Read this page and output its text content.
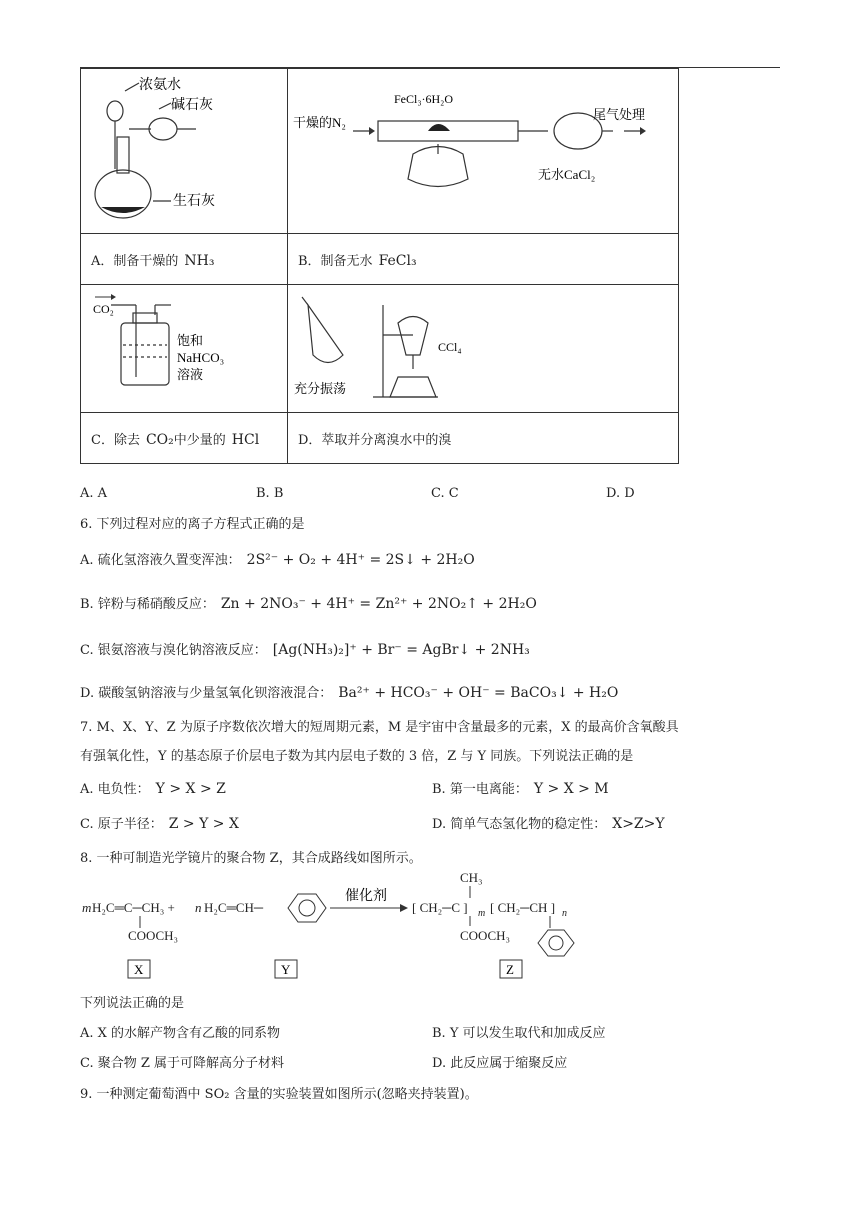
浓氨水
碱石灰
生石灰	干燥的N₂
FeCl₃·6H₂O
尾气处理
无水CaCl₂

A．制备干燥的 NH₃	B．制备无水 FeCl₃

CO₂
饱和
NaHCO₃
溶液	充分振荡
CCl₄

C．除去 CO₂中少量的 HCl	D．萃取并分离溴水中的溴
A. A	B. B	C. C	D. D
6. 下列过程对应的离子方程式正确的是
A. 硫化氢溶液久置变浑浊： 2S²⁻ + O₂ + 4H⁺ = 2S↓ + 2H₂O
B. 锌粉与稀硝酸反应： Zn + 2NO₃⁻ + 4H⁺ = Zn²⁺ + 2NO₂↑ + 2H₂O
C. 银氨溶液与溴化钠溶液反应： [Ag(NH₃)₂]⁺ + Br⁻ = AgBr↓ + 2NH₃
D. 碳酸氢钠溶液与少量氢氧化钡溶液混合： Ba²⁺ + HCO₃⁻ + OH⁻ = BaCO₃↓ + H₂O
7. M、X、Y、Z 为原子序数依次增大的短周期元素，M 是宇宙中含量最多的元素，X 的最高价含氧酸具
有强氧化性，Y 的基态原子价层电子数为其内层电子数的 3 倍，Z 与 Y 同族。下列说法正确的是
A. 电负性： Y > X > Z	B. 第一电离能： Y > X > M
C. 原子半径： Z > Y > X	D. 简单气态氢化物的稳定性： X>Z>Y
8. 一种可制造光学镜片的聚合物 Z，其合成路线如图所示。
m H₂C═C─CH₃ +
COOCH₃
n H₂C═CH─
催化剂
[ CH₂─C ] m
CH₃
COOCH₃
[ CH₂─CH ] n
X	Y	Z
下列说法正确的是
A. X 的水解产物含有乙酸的同系物	B. Y 可以发生取代和加成反应
C. 聚合物 Z 属于可降解高分子材料	D. 此反应属于缩聚反应
9. 一种测定葡萄酒中 SO₂ 含量的实验装置如图所示(忽略夹持装置)。
